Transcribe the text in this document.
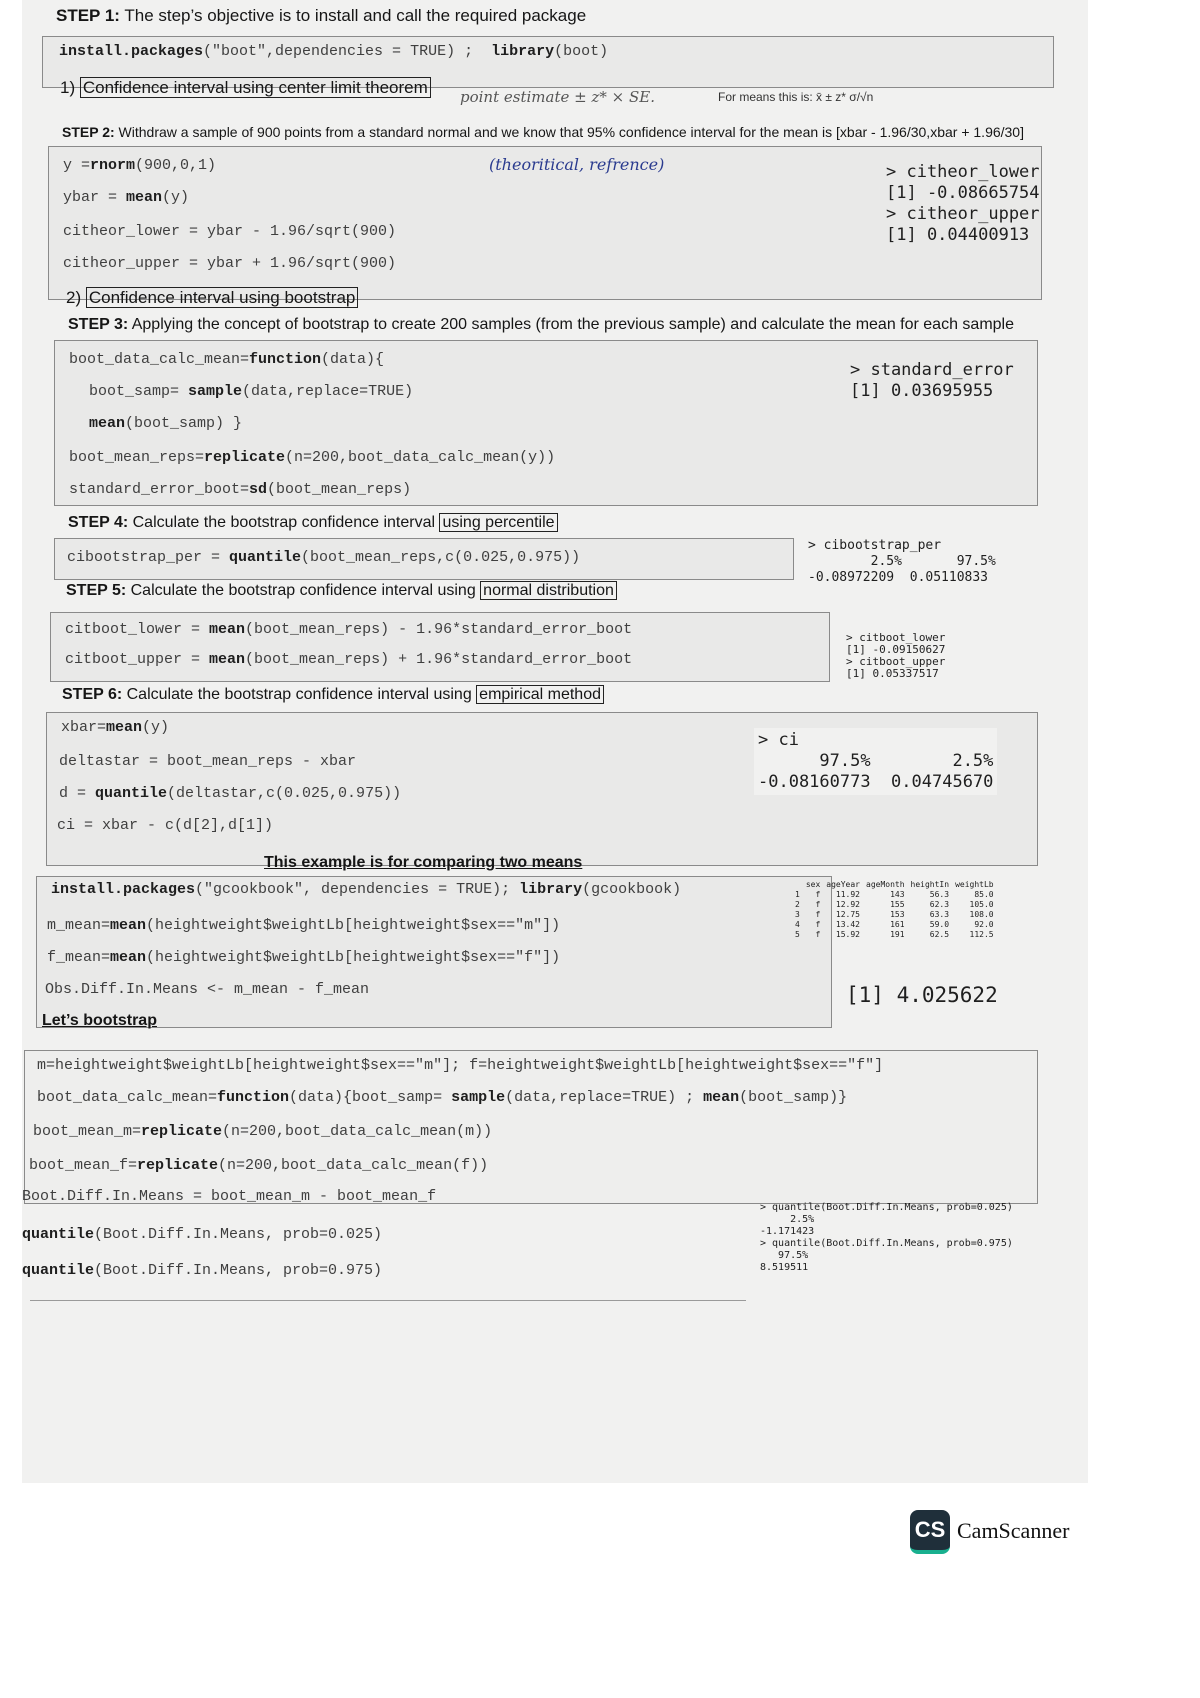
STEP 1: The step’s objective is to install and call the required package
install.packages("boot",dependencies = TRUE) ; library(boot)
1) Confidence interval using center limit theorem point estimate ± z* × SE.	For means this is: x̄ ± z* σ/√n
STEP 2: Withdraw a sample of 900 points from a standard normal and we know that 95% confidence interval for the mean is [xbar - 1.96/30,xbar + 1.96/30]
y =rnorm(900,0,1)
ybar = mean(y)
citheor_lower = ybar - 1.96/sqrt(900)
citheor_upper = ybar + 1.96/sqrt(900)
(theoritical, refrence)	> citheor_lower
[1] -0.08665754
> citheor_upper
[1] 0.04400913
2) Confidence interval using bootstrap
STEP 3: Applying the concept of bootstrap to create 200 samples (from the previous sample) and calculate the mean for each sample
boot_data_calc_mean=function(data){
boot_samp= sample(data,replace=TRUE)
mean(boot_samp) }
boot_mean_reps=replicate(n=200,boot_data_calc_mean(y))
standard_error_boot=sd(boot_mean_reps)
> standard_error
[1] 0.03695955
STEP 4: Calculate the bootstrap confidence interval using percentile
cibootstrap_per = quantile(boot_mean_reps,c(0.025,0.975))
> cibootstrap_per
2.5%       97.5%
-0.08972209  0.05110833
STEP 5: Calculate the bootstrap confidence interval using normal distribution
citboot_lower = mean(boot_mean_reps) - 1.96*standard_error_boot
citboot_upper = mean(boot_mean_reps) + 1.96*standard_error_boot
> citboot_lower
[1] -0.09150627
> citboot_upper
[1] 0.05337517
STEP 6: Calculate the bootstrap confidence interval using empirical method
xbar=mean(y)
deltastar = boot_mean_reps - xbar
d = quantile(deltastar,c(0.025,0.975))
ci = xbar - c(d[2],d[1])
> ci
97.5%        2.5%
-0.08160773  0.04745670
This example is for comparing two means
install.packages("gcookbook", dependencies = TRUE); library(gcookbook)
m_mean=mean(heightweight$weightLb[heightweight$sex=="m"])
f_mean=mean(heightweight$weightLb[heightweight$sex=="f"])
Obs.Diff.In.Means <- m_mean - f_mean
	sex	ageYear	ageMonth	heightIn	weightLb
1	f	11.92	143	56.3	85.0
2	f	12.92	155	62.3	105.0
3	f	12.75	153	63.3	108.0
4	f	13.42	161	59.0	92.0
5	f	15.92	191	62.5	112.5
[1] 4.025622
Let’s bootstrap
m=heightweight$weightLb[heightweight$sex=="m"]; f=heightweight$weightLb[heightweight$sex=="f"]
boot_data_calc_mean=function(data){boot_samp= sample(data,replace=TRUE) ; mean(boot_samp)}
boot_mean_m=replicate(n=200,boot_data_calc_mean(m))
boot_mean_f=replicate(n=200,boot_data_calc_mean(f))
Boot.Diff.In.Means = boot_mean_m - boot_mean_f
quantile(Boot.Diff.In.Means, prob=0.025)
quantile(Boot.Diff.In.Means, prob=0.975)
> quantile(Boot.Diff.In.Means, prob=0.025)
2.5%
-1.171423
> quantile(Boot.Diff.In.Means, prob=0.975)
97.5%
8.519511
CS CamScanner
